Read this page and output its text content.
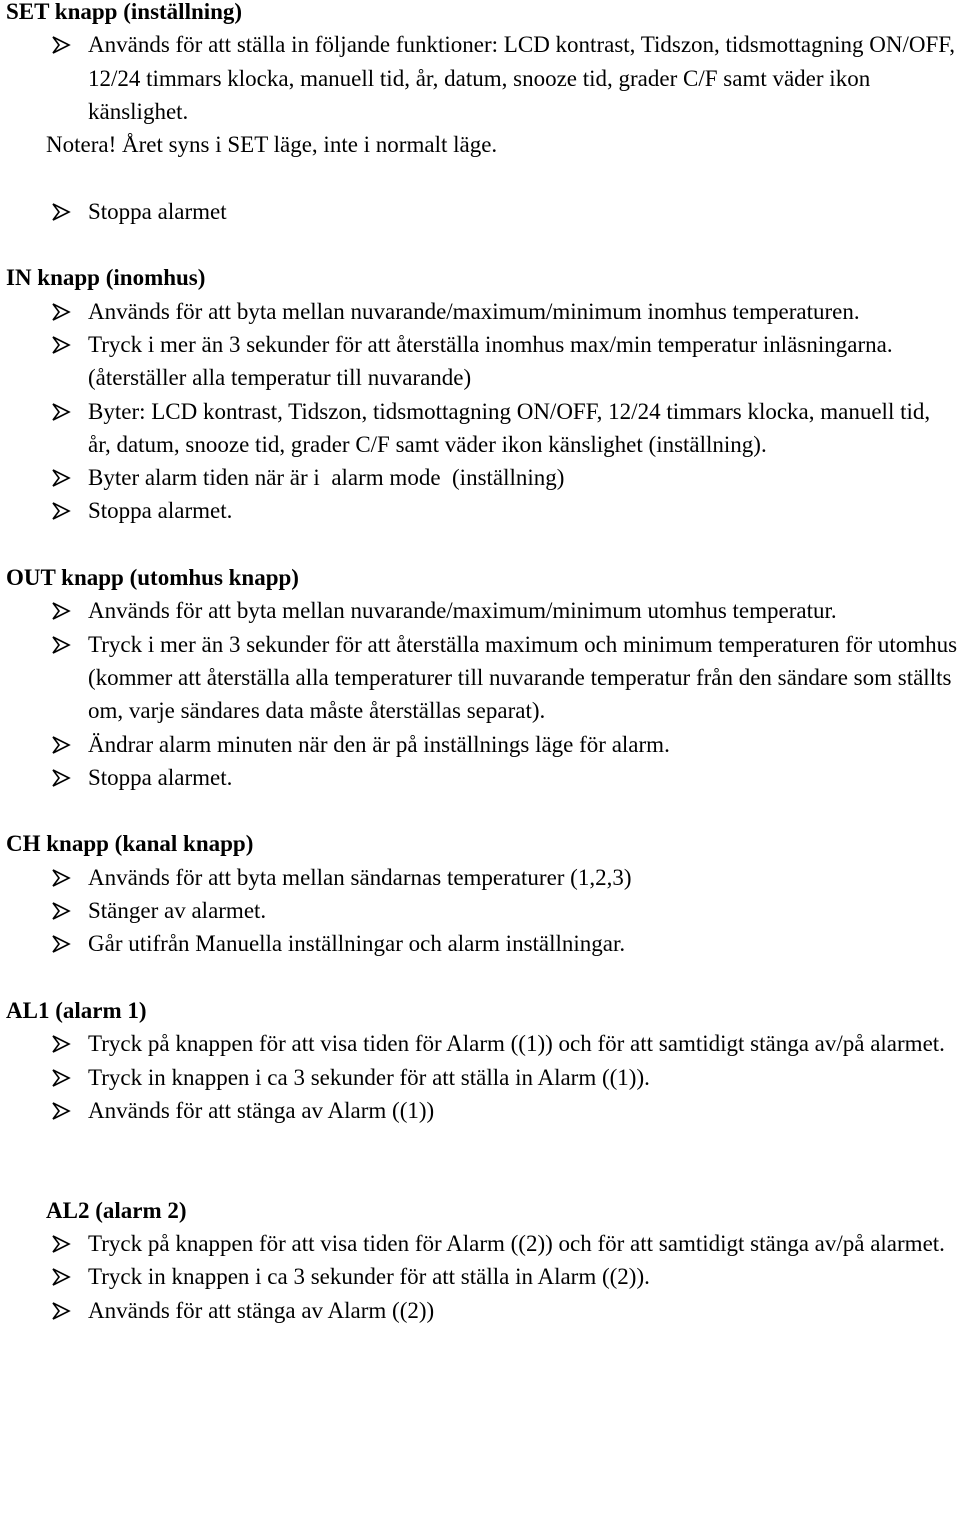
SET knapp (inställning)

Används för att ställa in följande funktioner: LCD kontrast, Tidszon, tidsmottagning ON/OFF, 12/24 timmars klocka, manuell tid, år, datum, snooze tid, grader C/F samt väder ikon känslighet.

Notera! Året syns i SET läge, inte i normalt läge.

Stoppa alarmet

IN knapp (inomhus)

Används för att byta mellan nuvarande/maximum/minimum inomhus temperaturen.

Tryck i mer än 3 sekunder för att återställa inomhus max/min temperatur inläsningarna. (återställer alla temperatur till nuvarande)

Byter: LCD kontrast, Tidszon, tidsmottagning ON/OFF, 12/24 timmars klocka, manuell tid, år, datum, snooze tid, grader C/F samt väder ikon känslighet (inställning).

Byter alarm tiden när är i  alarm mode  (inställning)

Stoppa alarmet.

OUT knapp (utomhus knapp)

Används för att byta mellan nuvarande/maximum/minimum utomhus temperatur.

Tryck i mer än 3 sekunder för att återställa maximum och minimum temperaturen för utomhus (kommer att återställa alla temperaturer till nuvarande temperatur från den sändare som ställts om, varje sändares data måste återställas separat).

Ändrar alarm minuten när den är på inställnings läge för alarm.

Stoppa alarmet.

CH knapp (kanal knapp)

Används för att byta mellan sändarnas temperaturer (1,2,3)

Stänger av alarmet.

Går utifrån Manuella inställningar och alarm inställningar.

AL1 (alarm 1)

Tryck på knappen för att visa tiden för Alarm ((1)) och för att samtidigt stänga av/på alarmet.

Tryck in knappen i ca 3 sekunder för att ställa in Alarm ((1)).

Används för att stänga av Alarm ((1))

AL2 (alarm 2)

Tryck på knappen för att visa tiden för Alarm ((2)) och för att samtidigt stänga av/på alarmet.

Tryck in knappen i ca 3 sekunder för att ställa in Alarm ((2)).

Används för att stänga av Alarm ((2))
